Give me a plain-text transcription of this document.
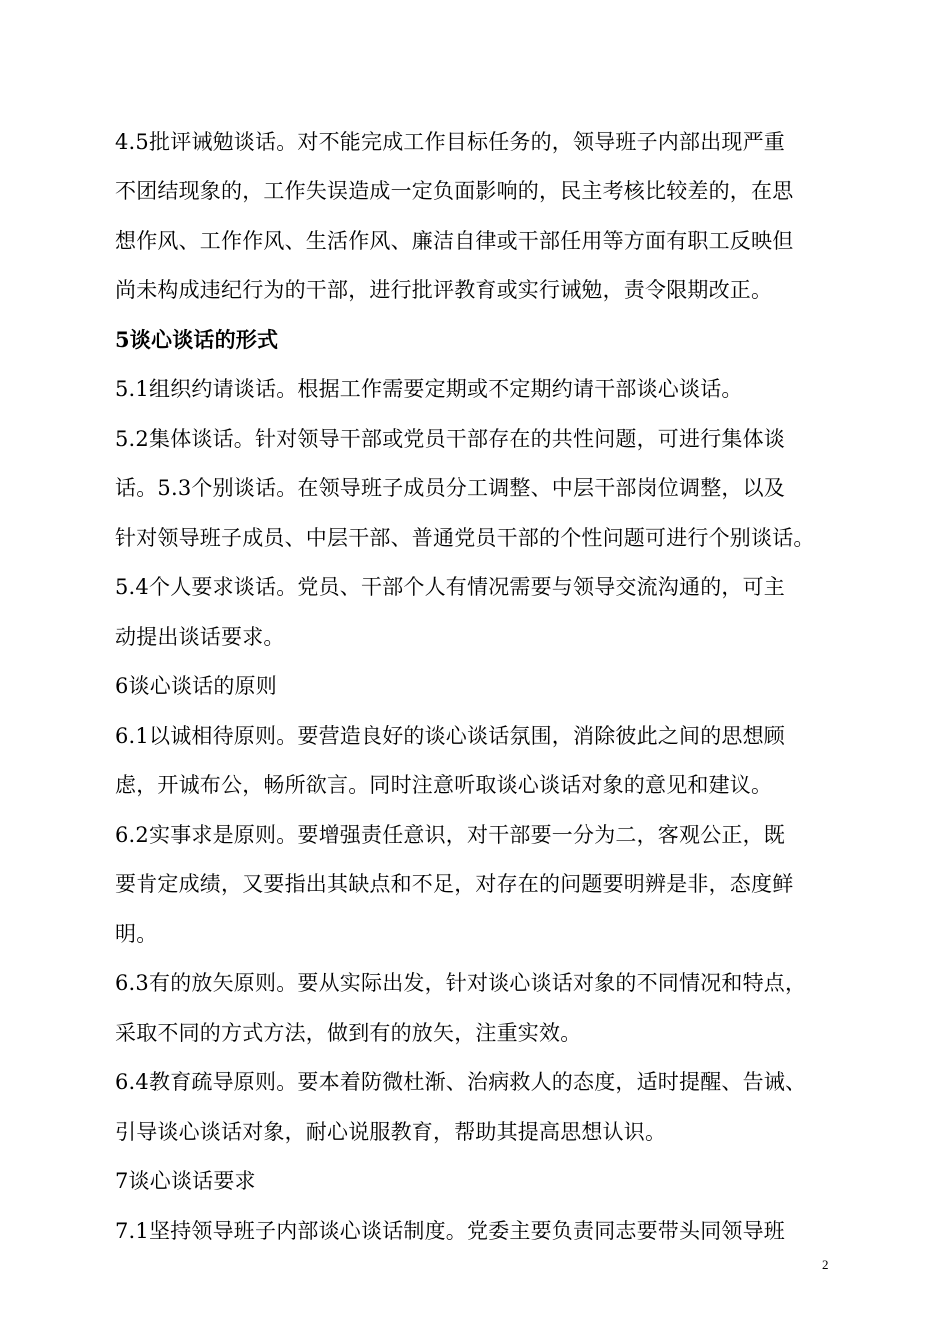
4.5批评诫勉谈话。对不能完成工作目标任务的，领导班子内部出现严重
不团结现象的，工作失误造成一定负面影响的，民主考核比较差的，在思
想作风、工作作风、生活作风、廉洁自律或干部任用等方面有职工反映但
尚未构成违纪行为的干部，进行批评教育或实行诫勉，责令限期改正。
5谈心谈话的形式
5.1组织约请谈话。根据工作需要定期或不定期约请干部谈心谈话。
5.2集体谈话。针对领导干部或党员干部存在的共性问题，可进行集体谈
话。5.3个别谈话。在领导班子成员分工调整、中层干部岗位调整，以及
针对领导班子成员、中层干部、普通党员干部的个性问题可进行个别谈话。
5.4个人要求谈话。党员、干部个人有情况需要与领导交流沟通的，可主
动提出谈话要求。
6谈心谈话的原则
6.1以诚相待原则。要营造良好的谈心谈话氛围，消除彼此之间的思想顾
虑，开诚布公，畅所欲言。同时注意听取谈心谈话对象的意见和建议。
6.2实事求是原则。要增强责任意识，对干部要一分为二，客观公正，既
要肯定成绩，又要指出其缺点和不足，对存在的问题要明辨是非，态度鲜
明。
6.3有的放矢原则。要从实际出发，针对谈心谈话对象的不同情况和特点，
采取不同的方式方法，做到有的放矢，注重实效。
6.4教育疏导原则。要本着防微杜渐、治病救人的态度，适时提醒、告诫、
引导谈心谈话对象，耐心说服教育，帮助其提高思想认识。
7谈心谈话要求
7.1坚持领导班子内部谈心谈话制度。党委主要负责同志要带头同领导班
2
